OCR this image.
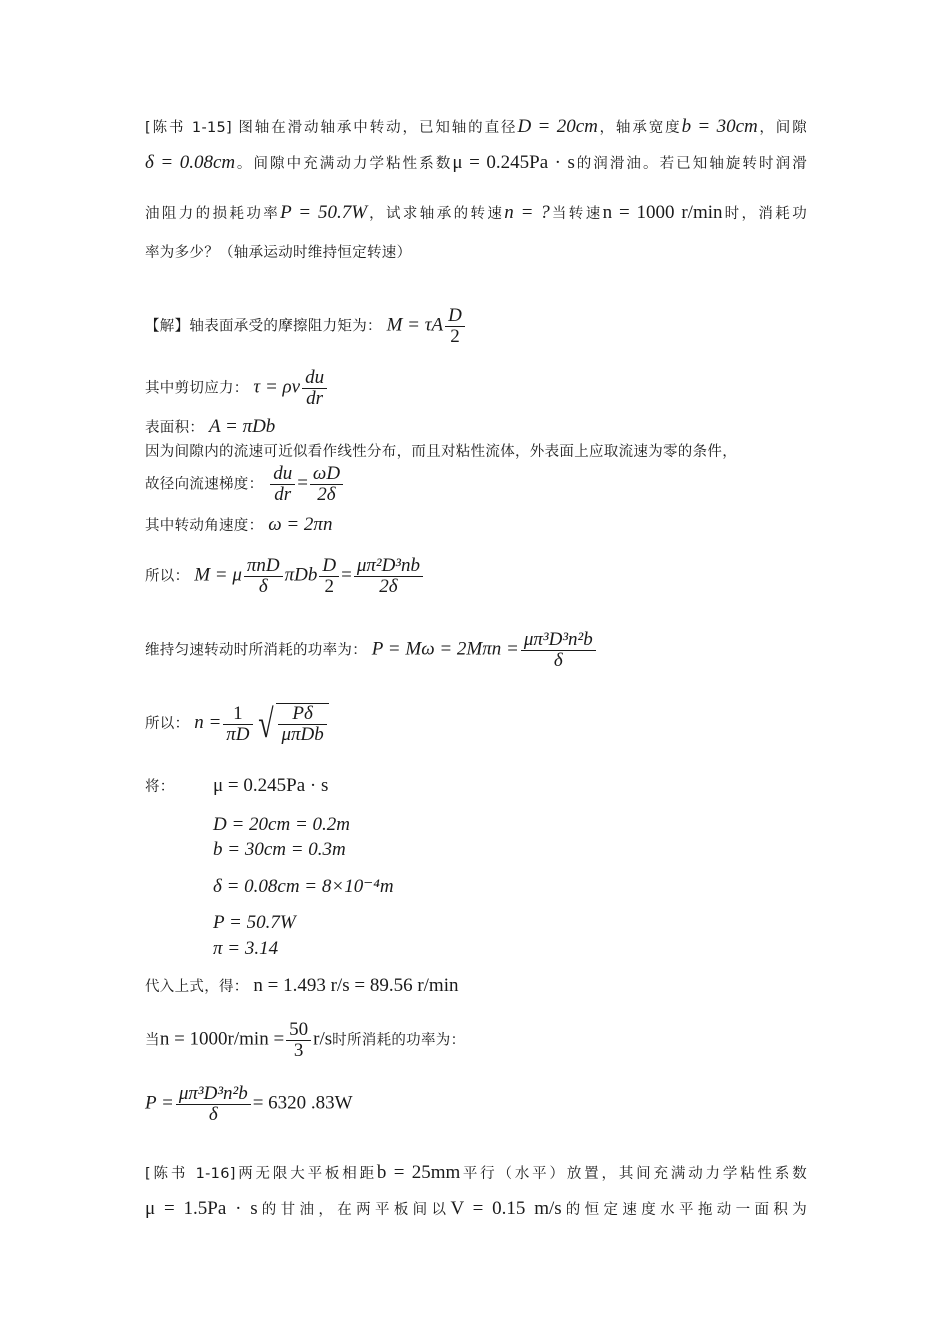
[陈书 1-15] 图轴在滑动轴承中转动，已知轴的直径D = 20cm，轴承宽度b = 30cm，间隙
δ = 0.08cm。间隙中充满动力学粘性系数μ = 0.245Pa · s的润滑油。若已知轴旋转时润滑
油阻力的损耗功率P = 50.7W，试求轴承的转速n = ?当转速n = 1000 r/min时，消耗功
率为多少？（轴承运动时维持恒定转速）
【解】轴表面承受的摩擦阻力矩为： M = τA $\frac{D}{2}$
其中剪切应力： τ = ρν $\frac{du}{dr}$
表面积： A = πDb
因为间隙内的流速可近似看作线性分布，而且对粘性流体，外表面上应取流速为零的条件，
故径向流速梯度： $\frac{du}{dr} = \frac{\omega D}{2\delta}$
其中转动角速度： ω = 2πn
所以： M = μ $\frac{\text{πnD}}{\delta}$ πDb $\frac{D}{2} = \frac{\text{μπ²D³nb}}{2\delta}$
维持匀速转动时所消耗的功率为： $P = M\omega = 2M\pi n = \frac{\text{μπ³D³n²b}}{\delta}$
所以： $n = \frac{1}{\pi D}$ √ $\frac{P\delta}{\text{μπDb}}$
将： μ = 0.245Pa · s
D = 20cm = 0.2m
b = 30cm = 0.3m
δ = 0.08cm = 8×10⁻⁴m
P = 50.7W
π = 3.14
代入上式，得： n = 1.493 r/s = 89.56 r/min
当$n = 1000r/\min = \frac{50}{3} r/s$时所消耗的功率为：
$P = \frac{\text{μπ³D³n²b}}{\delta} = 6320$ .83W
[陈书 1-16]两无限大平板相距b = 25mm平行（水平）放置，其间充满动力学粘性系数
μ = 1.5Pa · s的甘油，在两平板间以V = 0.15 m/s的恒定速度水平拖动一面积为
